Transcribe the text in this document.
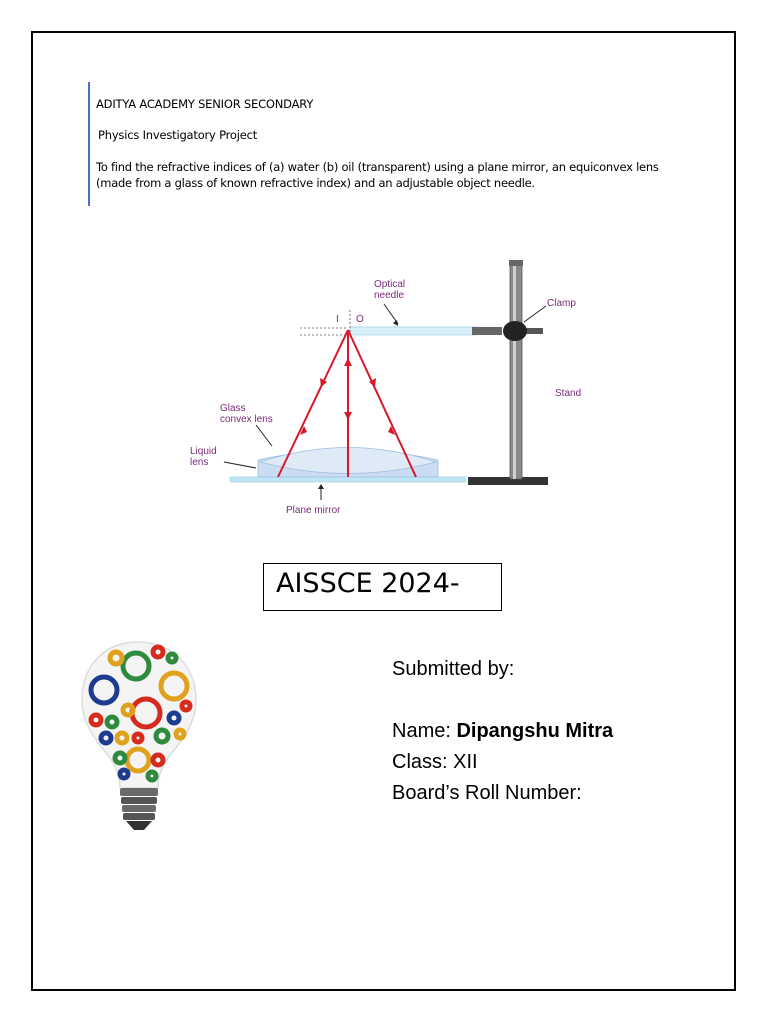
ADITYA ACADEMY SENIOR SECONDARY
Physics Investigatory Project
To find the refractive indices of (a) water (b) oil (transparent) using a plane mirror, an equiconvex lens (made from a glass of known refractive index) and an adjustable object needle.
Optical
needle
Clamp
Stand
Glass
convex lens
Liquid
lens
Plane mirror
I O
AISSCE 2024-
Submitted by:
Name: Dipangshu Mitra
Class: XII
Board’s Roll Number:
